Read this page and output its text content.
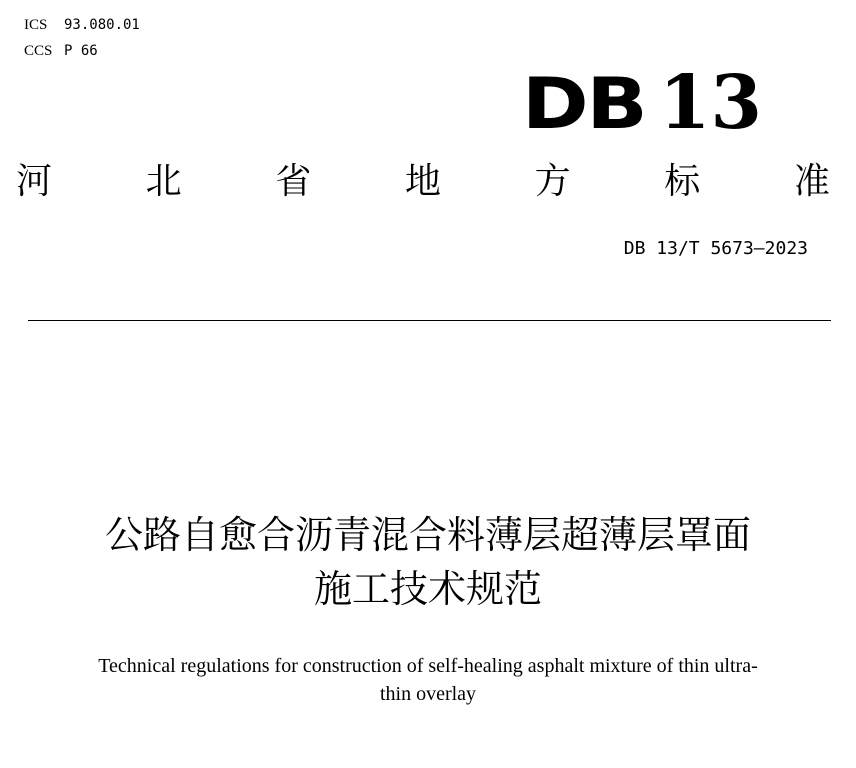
ICS 93.080.01
CCS P 66
DB 13
河	北	省	地	方	标	准
DB 13/T 5673—2023
公路自愈合沥青混合料薄层超薄层罩面
施工技术规范
Technical regulations for construction of self-healing asphalt mixture of thin ultra-
thin overlay
